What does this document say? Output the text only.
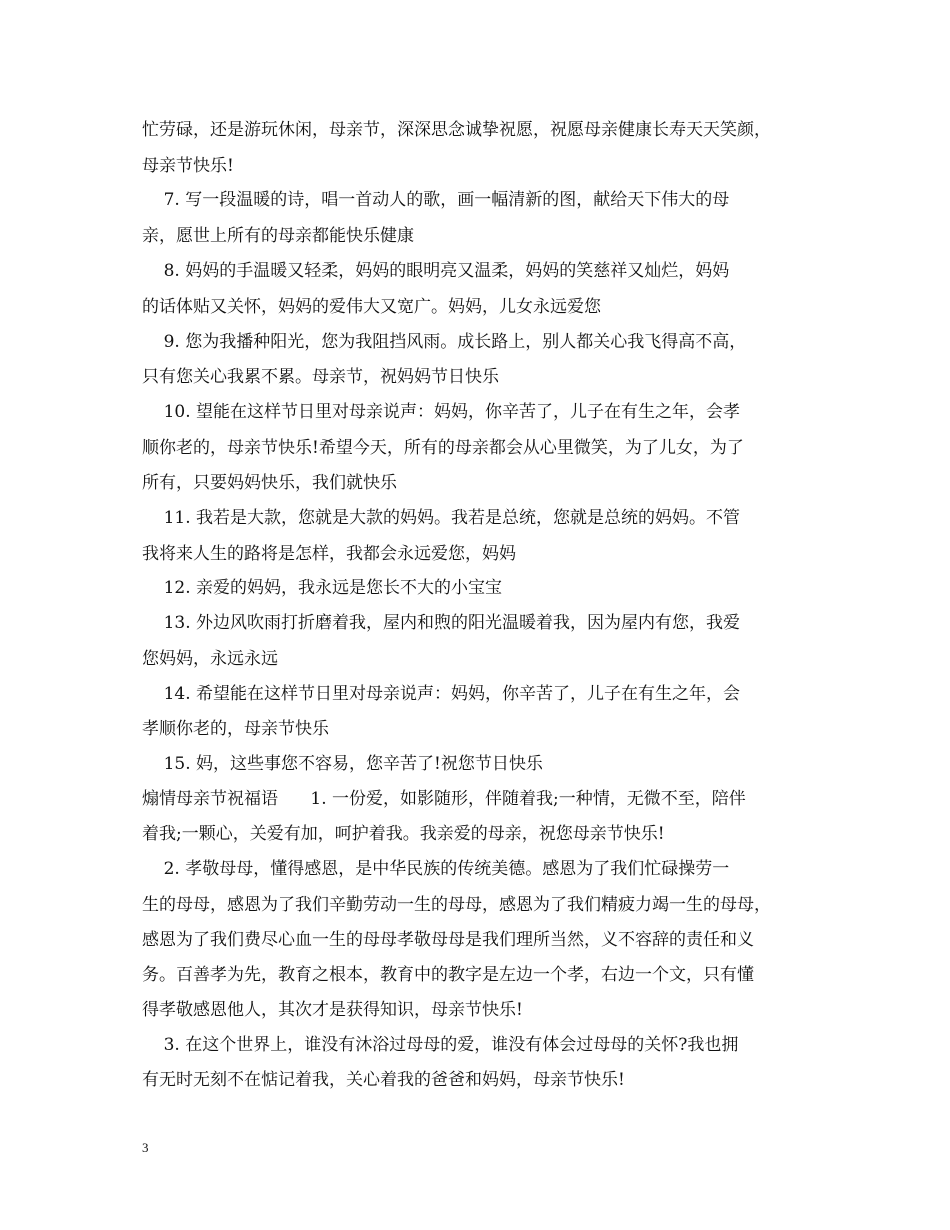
忙劳碌，还是游玩休闲，母亲节，深深思念诚挚祝愿，祝愿母亲健康长寿天天笑颜，
母亲节快乐!
7. 写一段温暖的诗，唱一首动人的歌，画一幅清新的图，献给天下伟大的母
亲，愿世上所有的母亲都能快乐健康
8. 妈妈的手温暖又轻柔，妈妈的眼明亮又温柔，妈妈的笑慈祥又灿烂，妈妈
的话体贴又关怀，妈妈的爱伟大又宽广。妈妈，儿女永远爱您
9. 您为我播种阳光，您为我阻挡风雨。成长路上，别人都关心我飞得高不高，
只有您关心我累不累。母亲节，祝妈妈节日快乐
10. 望能在这样节日里对母亲说声：妈妈，你辛苦了，儿子在有生之年，会孝
顺你老的，母亲节快乐!希望今天，所有的母亲都会从心里微笑，为了儿女，为了
所有，只要妈妈快乐，我们就快乐
11. 我若是大款，您就是大款的妈妈。我若是总统，您就是总统的妈妈。不管
我将来人生的路将是怎样，我都会永远爱您，妈妈
12. 亲爱的妈妈，我永远是您长不大的小宝宝
13. 外边风吹雨打折磨着我，屋内和煦的阳光温暖着我，因为屋内有您，我爱
您妈妈，永远永远
14. 希望能在这样节日里对母亲说声：妈妈，你辛苦了，儿子在有生之年，会
孝顺你老的，母亲节快乐
15. 妈，这些事您不容易，您辛苦了!祝您节日快乐
煽情母亲节祝福语      1. 一份爱，如影随形，伴随着我;一种情，无微不至，陪伴
着我;一颗心，关爱有加，呵护着我。我亲爱的母亲，祝您母亲节快乐!
2. 孝敬母母，懂得感恩，是中华民族的传统美德。感恩为了我们忙碌操劳一
生的母母，感恩为了我们辛勤劳动一生的母母，感恩为了我们精疲力竭一生的母母，
感恩为了我们费尽心血一生的母母孝敬母母是我们理所当然，义不容辞的责任和义
务。百善孝为先，教育之根本，教育中的教字是左边一个孝，右边一个文，只有懂
得孝敬感恩他人，其次才是获得知识，母亲节快乐!
3. 在这个世界上，谁没有沐浴过母母的爱，谁没有体会过母母的关怀?我也拥
有无时无刻不在惦记着我，关心着我的爸爸和妈妈，母亲节快乐!
3
